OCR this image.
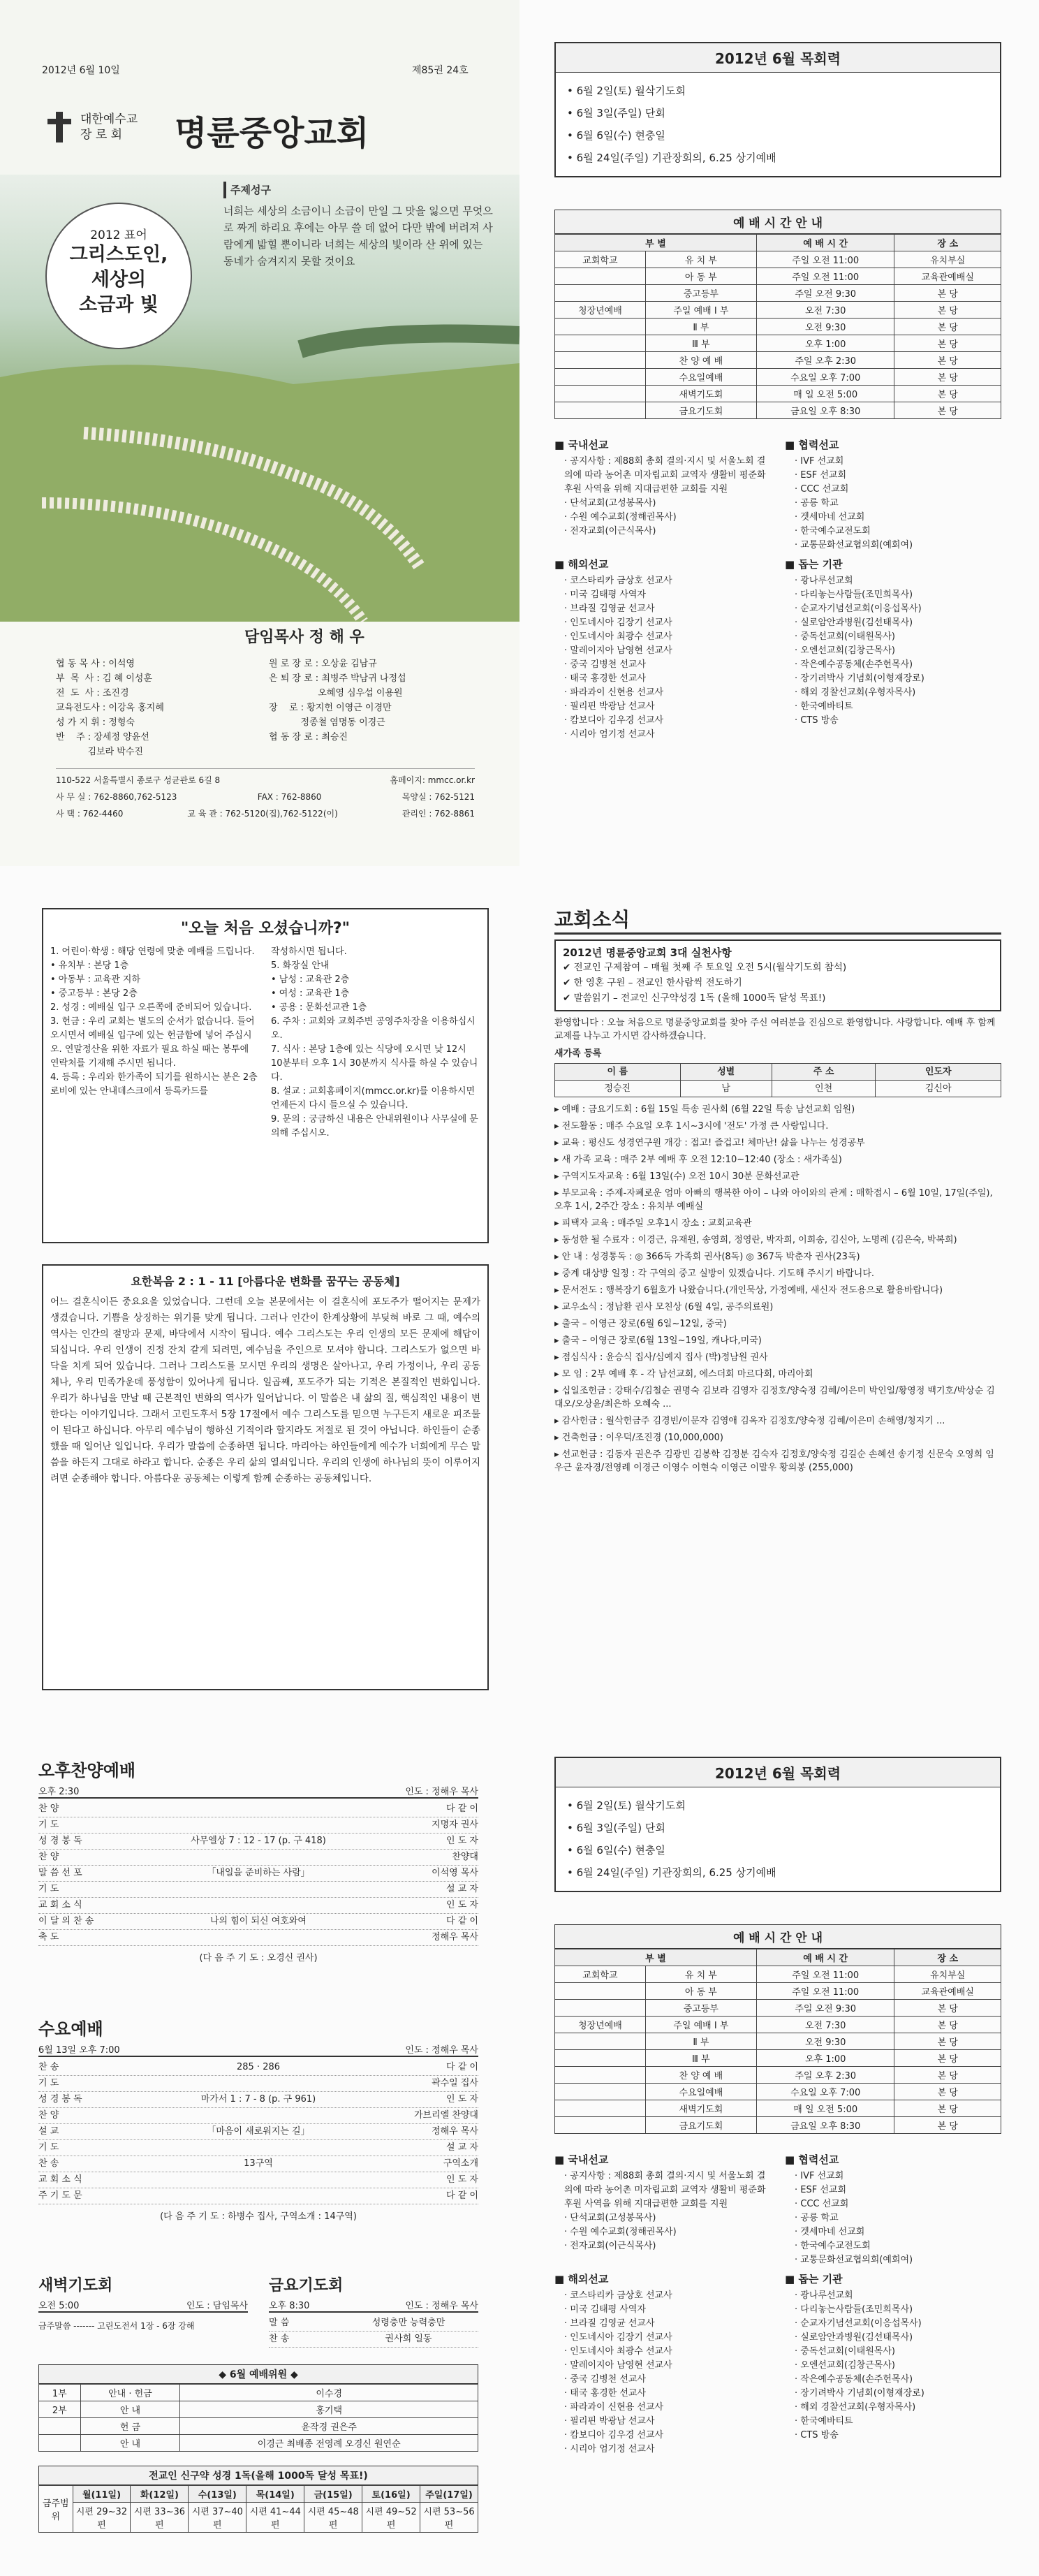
2012년 6월 10일	제85권 24호
대한예수교
장 로 회	명륜중앙교회
주제성구
너희는 세상의 소금이니 소금이 만일 그 맛을 잃으면 무엇으로 짜게 하리요 후에는 아무 쓸 데 없어 다만 밖에 버려져 사람에게 밟힐 뿐이니라 너희는 세상의 빛이라 산 위에 있는 동네가 숨겨지지 못할 것이요
2012 표어
그리스도인,
세상의
소금과 빛
담임목사 정 해 우
협 동 목 사 : 이석영	원 로 장 로 : 오상윤 김남규
부  목  사 : 김 혜 이성훈	은 퇴 장 로 : 최병주 박남귀 나정섭
전  도  사 : 조진경	오혜영 심우섭 이용원
교육전도사 : 이강옥 홍지혜	장    로 : 황지헌 이영근 이경만
성 가 지 휘 : 정형숙	정종철 염명동 이경근
반    주 : 장세정 양윤선	협 동 장 로 : 최승진
김보라 박수진
110-522 서울특별시 종로구 성균관로 6길 8	홈페이지: mmcc.or.kr
사 무 실 : 762-8860,762-5123	FAX : 762-8860	목양실 : 762-5121
사 택 : 762-4460	교 육 관 : 762-5120(집),762-5122(이)	관리인 : 762-8861
2012년 6월 목회력
• 6월 2일(토) 월삭기도회
• 6월 3일(주일) 단회
• 6월 6일(수) 현충일
• 6월 24일(주일) 기관장회의, 6.25 상기예배
예 배 시 간 안 내
부 별		예 배 시 간	장 소
교회학교	유 치 부	주일 오전 11:00	유치부실
	아 동 부	주일 오전 11:00	교육관예배실
	중고등부	주일 오전 9:30	본 당
청장년예배	주일 예배 Ⅰ 부	오전 7:30	본 당
	Ⅱ 부	오전 9:30	본 당
	Ⅲ 부	오후 1:00	본 당
	찬 양 예 배	주일 오후 2:30	본 당
	수요일예배	수요일 오후 7:00	본 당
	새벽기도회	매 일 오전 5:00	본 당
	금요기도회	금요일 오후 8:30	본 당
■ 국내선교
· 공지사항 : 제88회 총회 결의·지시 및 서울노회 결의에 따라 농어촌 미자립교회 교역자 생활비 평준화 후원 사역을 위해 지대급편한 교회를 지원
· 단석교회(고성봉목사)
· 수원 예수교회(정해권목사)
· 전자교회(이근식목사)
■ 협력선교
· IVF 선교회
· ESF 선교회
· CCC 선교회
· 공릉 학교
· 겟세마네 선교회
· 한국예수교전도회
· 교통문화선교협의회(예회여)
■ 해외선교
· 코스타리카 금상호 선교사
· 미국 김태평 사역자
· 브라질 김영균 선교사
· 인도네시아 김장기 선교사
· 인도네시아 최광수 선교사
· 말레이지아 남영현 선교사
· 중국 김병천 선교사
· 태국 홍경한 선교사
· 파라과이 신현용 선교사
· 필리핀 박광남 선교사
· 캄보디아 김우경 선교사
· 시리아 엄기정 선교사
■ 돕는 기관
· 광나루선교회
· 다리놓는사람들(조민희목사)
· 순교자기념선교회(이응섭목사)
· 실로암안과병원(김선태목사)
· 중독선교회(이태원목사)
· 오엔선교회(김창근목사)
· 작은예수공동체(손주헌목사)
· 장기려박사 기념회(이형재장로)
· 해외 경찰선교회(우형자목사)
· 한국예바티트
· CTS 방송
"오늘 처음 오셨습니까?"
1. 어린이·학생 : 해당 연령에 맞춘 예배를 드립니다.
• 유치부 : 본당 1층
• 아동부 : 교육관 지하
• 중고등부 : 본당 2층
2. 성경 : 예배실 입구 오른쪽에 준비되어 있습니다.
3. 헌금 : 우리 교회는 별도의 순서가 없습니다. 들어 오시면서 예배실 입구에 있는 헌금함에 넣어 주십시오. 연말정산을 위한 자료가 필요 하실 때는 봉투에 연락처를 기재해 주시면 됩니다.
4. 등록 : 우리와 한가족이 되기를 원하시는 분은 2층 로비에 있는 안내데스크에서 등록카드를
작성하시면 됩니다.
5. 화장실 안내
• 남성 : 교육관 2층
• 여성 : 교육관 1층
• 공용 : 문화선교관 1층
6. 주차 : 교회와 교회주변 공영주차장을 이용하십시오.
7. 식사 : 본당 1층에 있는 식당에 오시면 낮 12시 10분부터 오후 1시 30분까지 식사를 하실 수 있습니다.
8. 설교 : 교회홈페이지(mmcc.or.kr)를 이용하시면 언제든지 다시 들으실 수 있습니다.
9. 문의 : 궁금하신 내용은 안내위원이나 사무실에 문의해 주십시오.
요한복음 2 : 1 - 11 [아름다운 변화를 꿈꾸는 공동체]
어느 결혼식이든 중요요올 있었습니다. 그런데 오늘 본문에서는 이 결혼식에 포도주가 떨어지는 문제가 생겼습니다. 기쁨을 상징하는 위기를 맞게 됩니다. 그러나 인간이 한계상황에 부딪혀 바로 그 때, 예수의 역사는 인간의 절망과 문제, 바닥에서 시작이 됩니다. 예수 그리스도는 우리 인생의 모든 문제에 해답이 되십니다. 우리 인생이 진정 잔치 같게 되려면, 예수님을 주인으로 모셔야 합니다. 그리스도가 없으면 바닥을 치게 되어 있습니다. 그러나 그리스도를 모시면 우리의 생명은 살아나고, 우리 가정이나, 우리 공동체나, 우리 민족가운데 풍성함이 있어나게 됩니다. 일곱째, 포도주가 되는 기적은 본질적인 변화입니다. 우리가 하나님을 만날 때 근본적인 변화의 역사가 일어납니다. 이 말씀은 내 삶의 질, 핵심적인 내용이 변한다는 이야기입니다. 그래서 고린도후서 5장 17절에서 예수 그리스도를 믿으면 누구든지 새로운 피조물이 된다고 하십니다. 아무리 예수님이 행하신 기적이라 할지라도 저절로 된 것이 아닙니다. 하인들이 순종했을 때 일어난 일입니다. 우리가 말씀에 순종하면 됩니다. 마리아는 하인들에게 예수가 너희에게 무슨 말씀을 하든지 그대로 하라고 합니다. 순종은 우리 삶의 열쇠입니다. 우리의 인생에 하나님의 뜻이 이루어지려면 순종해야 합니다. 아름다운 공동체는 이렇게 함께 순종하는 공동체입니다.
교회소식
2012년 명륜중앙교회 3대 실천사항
✔ 전교인 구제참여 – 매월 첫째 주 토요일 오전 5시(월삭기도회 참석)
✔ 한 영혼 구원 – 전교인 한사람씩 전도하기
✔ 말씀읽기 – 전교인 신구약성경 1독 (올해 1000독 달성 목표!)
환영합니다 : 오늘 처음으로 명륜중앙교회를 찾아 주신 여러분을 진심으로 환영합니다. 사랑합니다. 예배 후 함께 교제를 나누고 가시면 감사하겠습니다.
새가족 등록
이 름	성별	주 소	인도자
정승진	남	인천	김신아
▸ 예배 : 금요기도회 : 6월 15일 특송 권사회 (6월 22일 특송 남선교회 임원)
▸ 전도활동 : 매주 수요일 오후 1시~3시에 '전도' 가정 큰 사랑입니다.
▸ 교육 : 평신도 성경연구원 개강 : 접고! 즐겁고! 체마난! 삶을 나누는 성경공부
▸ 새 가족 교육 : 매주 2부 예배 후 오전 12:10~12:40 (장소 : 새가족실)
▸ 구역지도자교육 : 6월 13일(수) 오전 10시 30분 문화선교관
▸ 부모교육 : 주제-자폐로운 엄마 아빠의 행복한 아이 – 나와 아이와의 관계 : 매학접시 – 6월 10일, 17일(주일), 오후 1시, 2주간 장소 : 유치부 예배실
▸ 피택자 교육 : 매주일 오후1시 장소 : 교회교육관
▸ 동성한 될 수료자 : 이경근, 유재원, 송영희, 정영란, 박자희, 이희송, 김신아, 노명례 (김은숙, 박복희)
▸ 안 내 : 성경통독 : ◎ 366독 가족회 권사(8독) ◎ 367독 박춘자 권사(23독)
▸ 중계 대상방 일정 : 각 구역의 중고 실방이 있겠습니다. 기도해 주시기 바랍니다.
▸ 문서전도 : 행복장기 6월호가 나왔습니다.(개인묵상, 가정예배, 새신자 전도용으로 활용바랍니다)
▸ 교우소식 : 정남환 권사 모친상 (6월 4일, 공주의료원)
▸ 출국 – 이영근 장로(6월 6일~12일, 중국)
▸ 출국 – 이영근 장로(6월 13일~19일, 캐나다,미국)
▸ 점심식사 : 윤승식 집사/심예지 집사 (박)정남원 권사
▸ 모 임 : 2부 예배 후 - 각 남선교회, 에스더회 마르다회, 마리아회
▸ 십일조헌금 : 강태수/김철순 권명숙 김보라 김영자 김정호/양숙정 김혜/이은미 박인일/황영정 백기호/박상순 김대오/오상윤/최은하 오혜숙 ...
▸ 감사헌금 : 월삭헌금주 김경빈/이문자 김영애 김옥자 김정호/양숙정 김혜/이은미 손해영/청지기 ...
▸ 건축헌금 : 이우덕/조진경 (10,000,000)
▸ 선교헌금 : 김동자 권은주 김광빈 김봉학 김정분 김숙자 김정호/양숙정 김길순 손혜선 송기정 신문숙 오영희 임우근 윤자경/전영례 이경근 이영수 이현숙 이영근 이말우 황의봉 (255,000)
오후찬양예배
오후 2:30	인도 : 정해우 목사
찬 양	다 같 이
기 도	지명자 권사
성 경 봉 독	사무엘상 7 : 12 - 17 (p. 구 418)	인 도 자
찬 양	찬양대
말 씀 선 포	「내일을 준비하는 사람」	이석영 목사
기 도	설 교 자
교 회 소 식	인 도 자
이 달 의 찬 송	나의 힘이 되신 여호와여	다 같 이
축 도	정해우 목사
(다 음 주 기 도 : 오경신 권사)
수요예배
6월 13일 오후 7:00	인도 : 정해우 목사
찬 송	285 · 286	다 같 이
기 도	곽수일 집사
성 경 봉 독	마가서 1 : 7 - 8 (p. 구 961)	인 도 자
찬 양	가브리엘 찬양대
설 교	「마음이 새로워지는 길」	정해우 목사
기 도	설 교 자
찬 송	13구역	구역소개
교 회 소 식	인 도 자
주 기 도 문	다 같 이
(다 음 주 기 도 : 하병수 집사, 구역소개 : 14구역)
새벽기도회
오전 5:00	인도 : 담임목사
금주말씀 ------- 고린도전서 1장 - 6장 강해
금요기도회
오후 8:30	인도 : 정해우 목사
말 씀	성령충만 능력충만
찬 송	권사회 일동
◆ 6월 예배위원 ◆
1부	안내 · 헌금	이수경
2부	안 내	홍기택
	헌 금	윤작경 권은주
	안 내	이경근 최배종 전영례 오경신 원연순
전교인 신구약 성경 1독(올해 1000독 달성 목표!)
금주범위	월(11일)	화(12일)	수(13일)	목(14일)	금(15일)	토(16일)	주일(17일)
	시편 29~32편	시편 33~36편	시편 37~40편	시편 41~44편	시편 45~48편	시편 49~52편	시편 53~56편
2012년 6월 목회력
• 6월 2일(토) 월삭기도회
• 6월 3일(주일) 단회
• 6월 6일(수) 현충일
• 6월 24일(주일) 기관장회의, 6.25 상기예배
예 배 시 간 안 내
부 별		예 배 시 간	장 소
교회학교	유 치 부	주일 오전 11:00	유치부실
	아 동 부	주일 오전 11:00	교육관예배실
	중고등부	주일 오전 9:30	본 당
청장년예배	주일 예배 Ⅰ 부	오전 7:30	본 당
	Ⅱ 부	오전 9:30	본 당
	Ⅲ 부	오후 1:00	본 당
	찬 양 예 배	주일 오후 2:30	본 당
	수요일예배	수요일 오후 7:00	본 당
	새벽기도회	매 일 오전 5:00	본 당
	금요기도회	금요일 오후 8:30	본 당
■ 국내선교
· 공지사항 : 제88회 총회 결의·지시 및 서울노회 결의에 따라 농어촌 미자립교회 교역자 생활비 평준화 후원 사역을 위해 지대급편한 교회를 지원
· 단석교회(고성봉목사)
· 수원 예수교회(정해권목사)
· 전자교회(이근식목사)
■ 협력선교
· IVF 선교회
· ESF 선교회
· CCC 선교회
· 공릉 학교
· 겟세마네 선교회
· 한국예수교전도회
· 교통문화선교협의회(예회여)
■ 해외선교
· 코스타리카 금상호 선교사
· 미국 김태평 사역자
· 브라질 김영균 선교사
· 인도네시아 김장기 선교사
· 인도네시아 최광수 선교사
· 말레이지아 남영현 선교사
· 중국 김병천 선교사
· 태국 홍경한 선교사
· 파라과이 신현용 선교사
· 필리핀 박광남 선교사
· 캄보디아 김우경 선교사
· 시리아 엄기정 선교사
■ 돕는 기관
· 광나루선교회
· 다리놓는사람들(조민희목사)
· 순교자기념선교회(이응섭목사)
· 실로암안과병원(김선태목사)
· 중독선교회(이태원목사)
· 오엔선교회(김창근목사)
· 작은예수공동체(손주헌목사)
· 장기려박사 기념회(이형재장로)
· 해외 경찰선교회(우형자목사)
· 한국예바티트
· CTS 방송
